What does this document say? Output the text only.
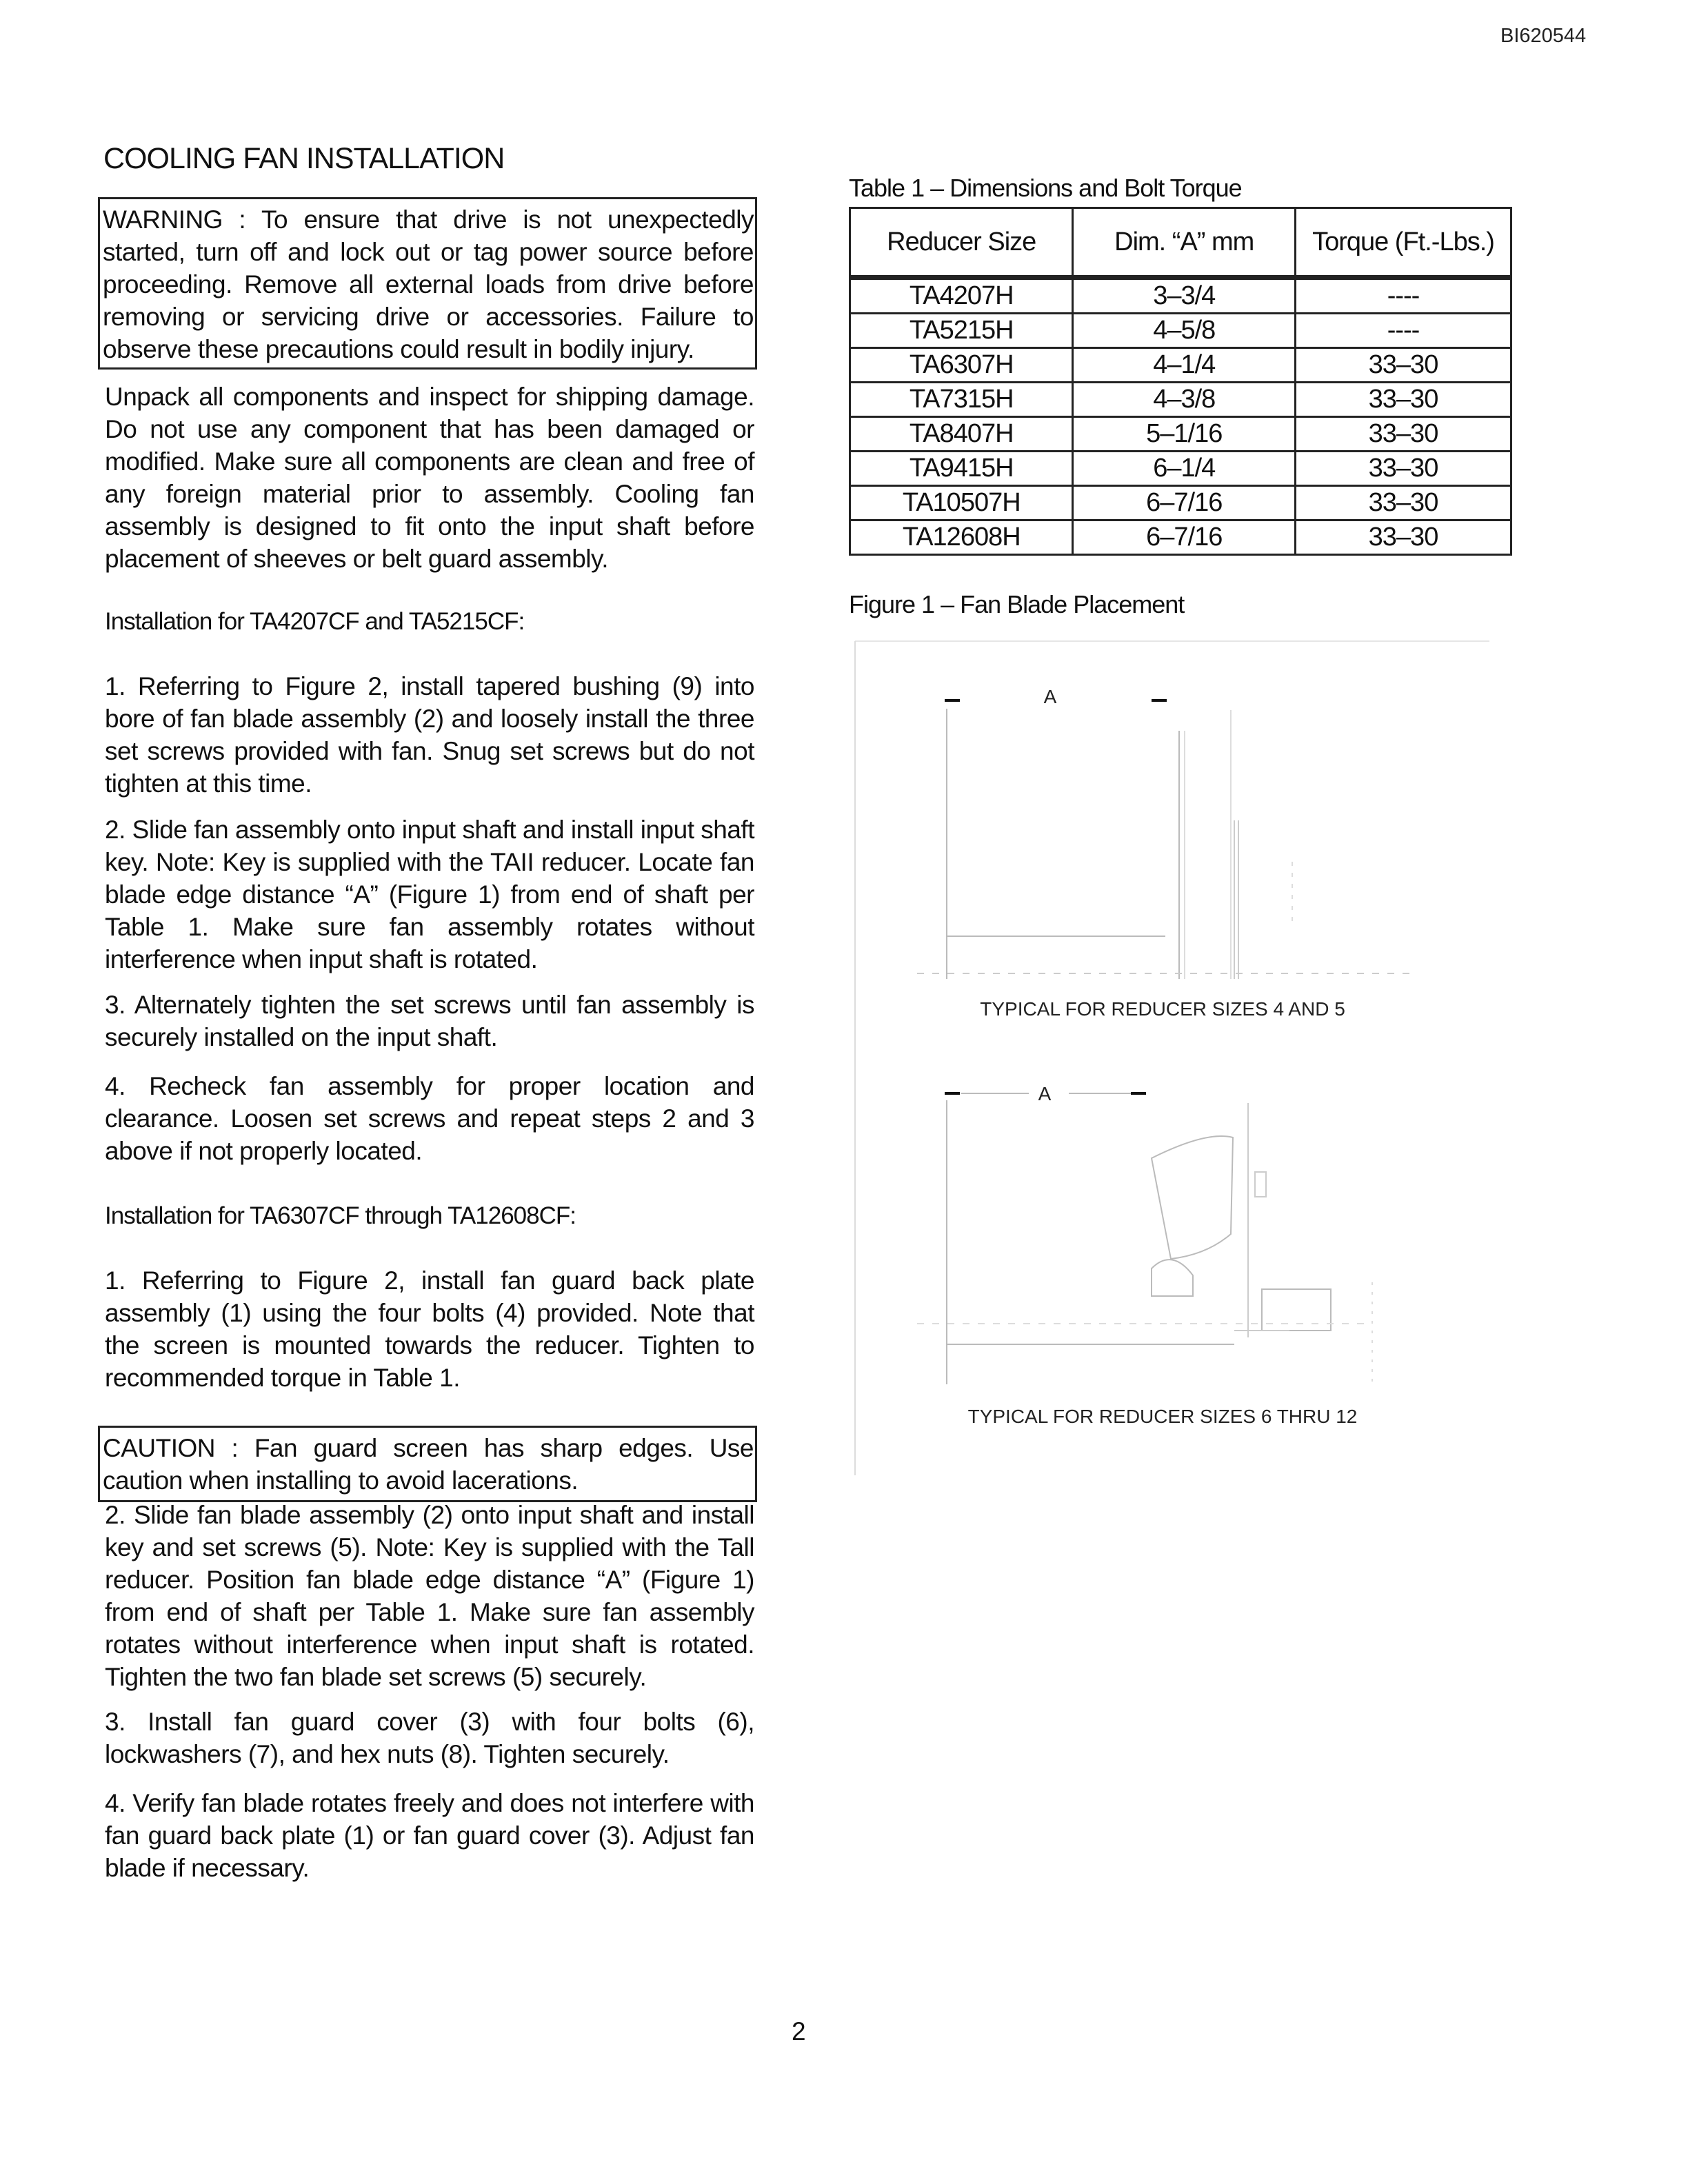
BI620544
COOLING FAN INSTALLATION

WARNING : To ensure that drive is not unexpectedly started, turn off and lock out or tag power source before proceeding. Remove all external loads from drive before removing or servicing drive or accessories. Failure to observe these precautions could result in bodily injury.

Unpack all components and inspect for shipping damage. Do not use any component that has been damaged or modified. Make sure all components are clean and free of any foreign material prior to assembly. Cooling fan assembly is designed to fit onto the input shaft before placement of sheeves or belt guard assembly.

Installation for TA4207CF and TA5215CF:

1. Referring to Figure 2, install tapered bushing (9) into bore of fan blade assembly (2) and loosely install the three set screws provided with fan. Snug set screws but do not tighten at this time.

2. Slide fan assembly onto input shaft and install input shaft key. Note: Key is supplied with the TAII reducer. Locate fan blade edge distance “A” (Figure 1) from end of shaft per Table 1. Make sure fan assembly rotates without interference when input shaft is rotated.

3. Alternately tighten the set screws until fan assembly is securely installed on the input shaft.

4. Recheck fan assembly for proper location and clearance. Loosen set screws and repeat steps 2 and 3 above if not properly located.

Installation for TA6307CF through TA12608CF:

1. Referring to Figure 2, install fan guard back plate assembly (1) using the four bolts (4) provided. Note that the screen is mounted towards the reducer. Tighten to recommended torque in Table 1.

CAUTION : Fan guard screen has sharp edges. Use caution when installing to avoid lacerations.

2. Slide fan blade assembly (2) onto input shaft and install key and set screws (5). Note: Key is supplied with the Tall reducer. Position fan blade edge distance “A” (Figure 1) from end of shaft per Table 1. Make sure fan assembly rotates without interference when input shaft is rotated. Tighten the two fan blade set screws (5) securely.

3. Install fan guard cover (3) with four bolts (6), lockwashers (7), and hex nuts (8). Tighten securely.

4. Verify fan blade rotates freely and does not interfere with fan guard back plate (1) or fan guard cover (3). Adjust fan blade if necessary.

Table 1 – Dimensions and Bolt Torque
Reducer Size	Dim. “A” mm	Torque (Ft.-Lbs.)
TA4207H	3–3/4	----
TA5215H	4–5/8	----
TA6307H	4–1/4	33–30
TA7315H	4–3/8	33–30
TA8407H	5–1/16	33–30
TA9415H	6–1/4	33–30
TA10507H	6–7/16	33–30
TA12608H	6–7/16	33–30
Figure 1 – Fan Blade Placement
A
TYPICAL FOR REDUCER SIZES 4 AND 5
A
TYPICAL FOR REDUCER SIZES 6 THRU 12
2
